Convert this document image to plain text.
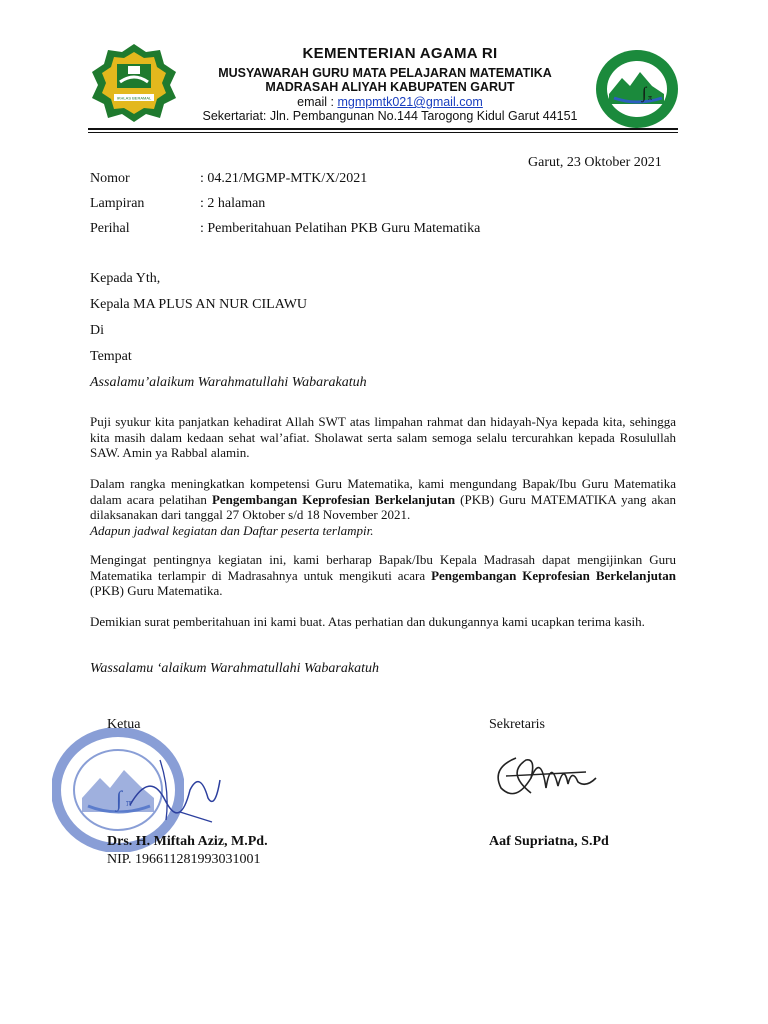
IKHLAS BERAMAL	∫ π
KEMENTERIAN AGAMA RI
MUSYAWARAH GURU MATA PELAJARAN MATEMATIKA
MADRASAH ALIYAH KABUPATEN GARUT
email : mgmpmtk021@gmail.com
Sekertariat: Jln. Pembangunan No.144 Tarogong Kidul Garut 44151
Garut, 23 Oktober 2021
Nomor	: 04.21/MGMP-MTK/X/2021
Lampiran	: 2 halaman
Perihal	: Pemberitahuan Pelatihan PKB Guru Matematika
Kepada Yth,
Kepala MA PLUS AN NUR CILAWU
Di
Tempat
Assalamu’alaikum Warahmatullahi Wabarakatuh
Puji syukur kita panjatkan kehadirat Allah SWT atas limpahan rahmat dan hidayah-Nya kepada kita, sehingga kita masih dalam kedaan sehat wal’afiat. Sholawat serta salam semoga selalu tercurahkan kepada Rosulullah SAW. Amin ya Rabbal alamin.
Dalam rangka meningkatkan kompetensi Guru Matematika, kami mengundang Bapak/Ibu Guru Matematika dalam acara pelatihan Pengembangan Keprofesian Berkelanjutan (PKB) Guru MATEMATIKA yang akan dilaksanakan dari tanggal 27 Oktober s/d 18 November 2021.
Adapun jadwal kegiatan dan Daftar peserta terlampir.
Mengingat pentingnya kegiatan ini, kami berharap Bapak/Ibu Kepala Madrasah dapat mengijinkan Guru Matematika terlampir di Madrasahnya untuk mengikuti acara Pengembangan Keprofesian Berkelanjutan (PKB) Guru Matematika.
Demikian surat pemberitahuan ini kami buat. Atas perhatian dan dukungannya kami ucapkan terima kasih.
Wassalamu ‘alaikum Warahmatullahi Wabarakatuh
Ketua	Sekretaris
∫ π
Drs. H. Miftah Aziz, M.Pd.	Aaf Supriatna, S.Pd
NIP. 196611281993031001
